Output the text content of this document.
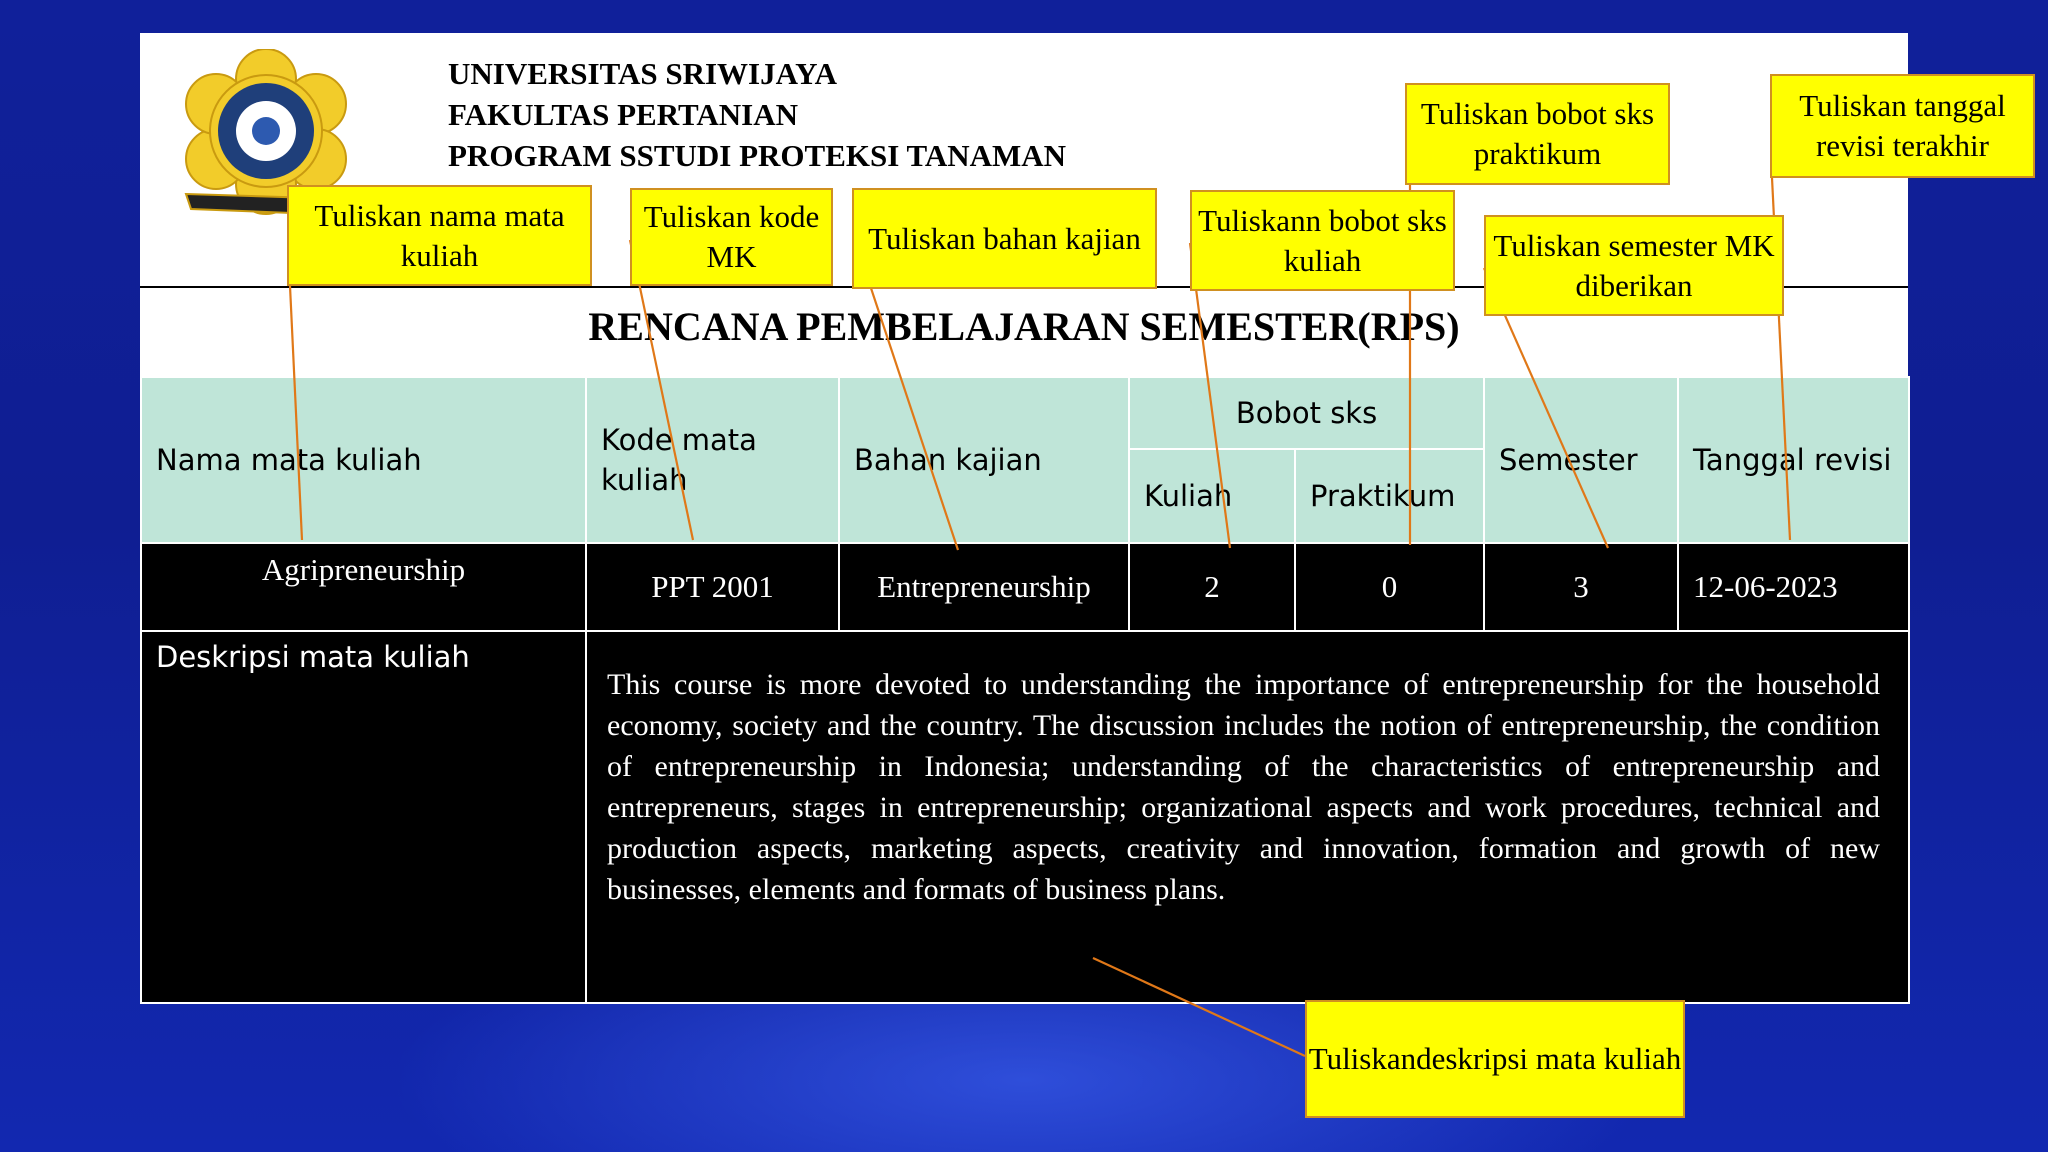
UNIVERSITAS SRIWIJAYA
FAKULTAS PERTANIAN
PROGRAM SSTUDI PROTEKSI TANAMAN
RENCANA PEMBELAJARAN SEMESTER(RPS)
Nama mata kuliah	Kode mata kuliah	Bahan kajian	Bobot sks		Semester	Tanggal revisi
			Kuliah	Praktikum		
Agripreneurship	PPT 2001	Entrepreneurship	2	0	3	12-06-2023
Deskripsi mata kuliah	This course is more devoted to understanding the importance of entrepreneurship for the household economy, society and the country. The discussion includes the notion of entrepreneurship, the condition of entrepreneurship in Indonesia; understanding of the characteristics of entrepreneurship and entrepreneurs, stages in entrepreneurship; organizational aspects and work procedures, technical and production aspects, marketing aspects, creativity and innovation, formation and growth of new businesses, elements and formats of business plans.					
Tuliskan nama mata kuliah
Tuliskan kode MK
Tuliskan bahan kajian
Tuliskann bobot sks kuliah
Tuliskan bobot sks praktikum
Tuliskan semester MK diberikan
Tuliskan tanggal revisi terakhir
Tuliskandeskripsi mata kuliah
